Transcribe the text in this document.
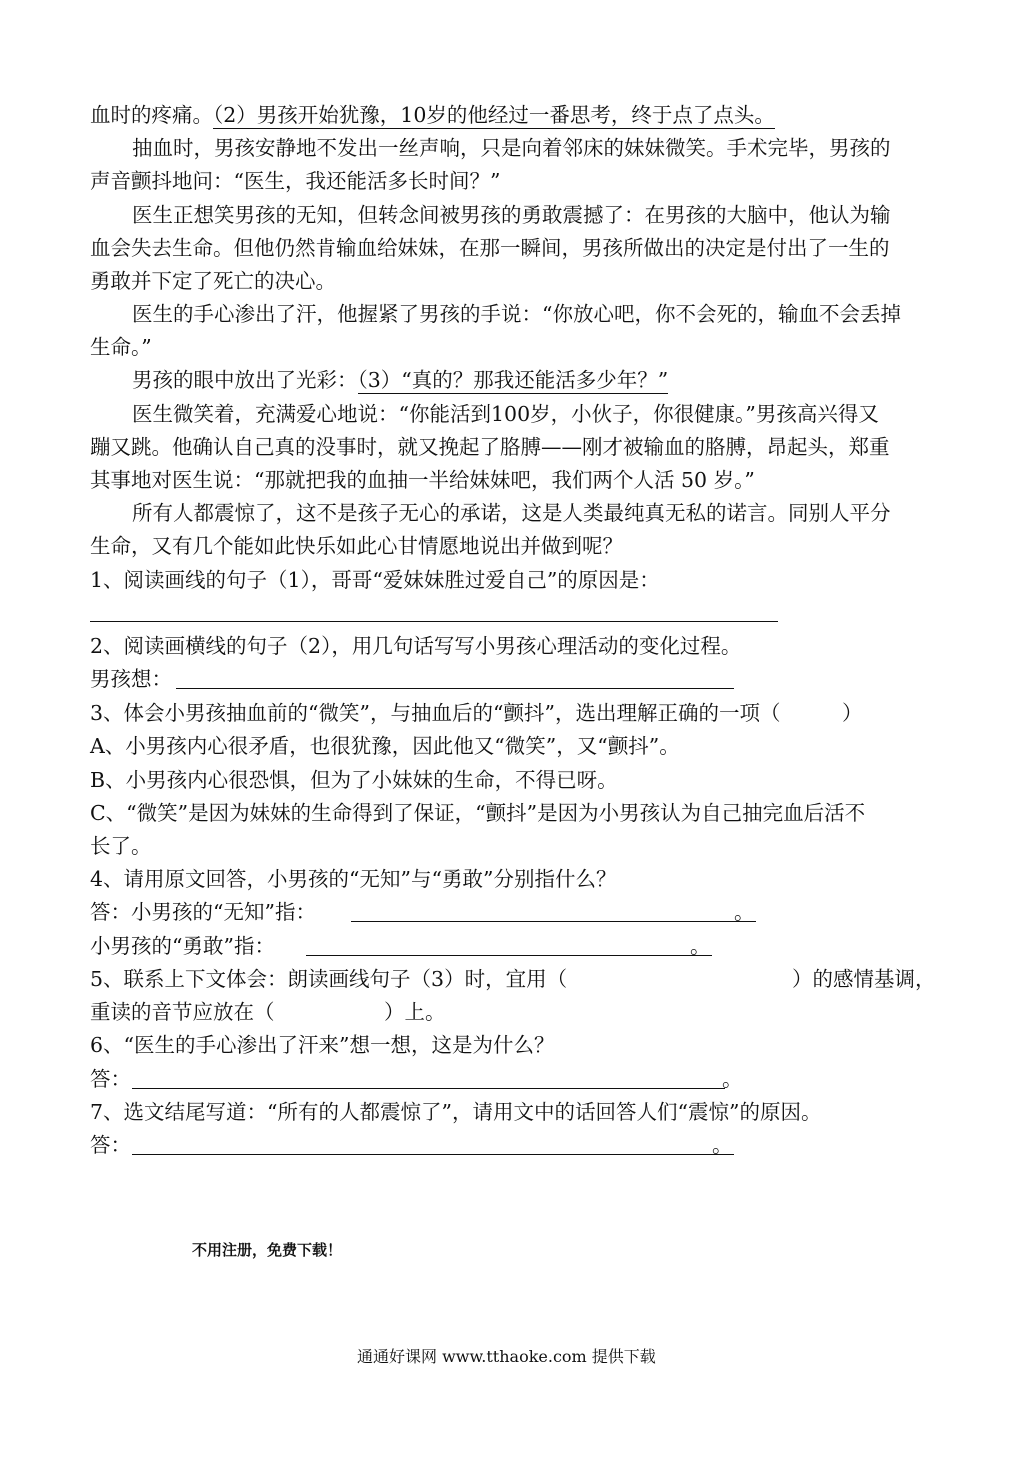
血时的疼痛。（2）男孩开始犹豫，10岁的他经过一番思考，终于点了点头。
抽血时，男孩安静地不发出一丝声响，只是向着邻床的妹妹微笑。手术完毕，男孩的
声音颤抖地问：“医生，我还能活多长时间？”
医生正想笑男孩的无知，但转念间被男孩的勇敢震撼了：在男孩的大脑中，他认为输
血会失去生命。但他仍然肯输血给妹妹，在那一瞬间，男孩所做出的决定是付出了一生的
勇敢并下定了死亡的决心。
医生的手心渗出了汗，他握紧了男孩的手说：“你放心吧，你不会死的，输血不会丢掉
生命。”
男孩的眼中放出了光彩：（3）“真的？那我还能活多少年？”
医生微笑着，充满爱心地说：“你能活到100岁，小伙子，你很健康。”男孩高兴得又
蹦又跳。他确认自己真的没事时，就又挽起了胳膊——刚才被输血的胳膊，昂起头，郑重
其事地对医生说：“那就把我的血抽一半给妹妹吧，我们两个人活 50 岁。”
所有人都震惊了，这不是孩子无心的承诺，这是人类最纯真无私的诺言。同别人平分
生命，又有几个能如此快乐如此心甘情愿地说出并做到呢？
1、阅读画线的句子（1），哥哥“爱妹妹胜过爱自己”的原因是：
2、阅读画横线的句子（2），用几句话写写小男孩心理活动的变化过程。
男孩想：
3、体会小男孩抽血前的“微笑”，与抽血后的“颤抖”，选出理解正确的一项（　　　）
A、小男孩内心很矛盾，也很犹豫，因此他又“微笑”，又“颤抖”。
B、小男孩内心很恐惧，但为了小妹妹的生命，不得已呀。
C、“微笑”是因为妹妹的生命得到了保证，“颤抖”是因为小男孩认为自己抽完血后活不
长了。
4、请用原文回答，小男孩的“无知”与“勇敢”分别指什么？
答：小男孩的“无知”指：	。
小男孩的“勇敢”指：	。
5、联系上下文体会：朗读画线句子（3）时，宜用（	）的感情基调，
重读的音节应放在（	）上。
6、“医生的手心渗出了汗来”想一想，这是为什么？
答：	。
7、选文结尾写道：“所有的人都震惊了”，请用文中的话回答人们“震惊”的原因。
答：	。
不用注册，免费下载！
通通好课网 www.tthaoke.com 提供下载
